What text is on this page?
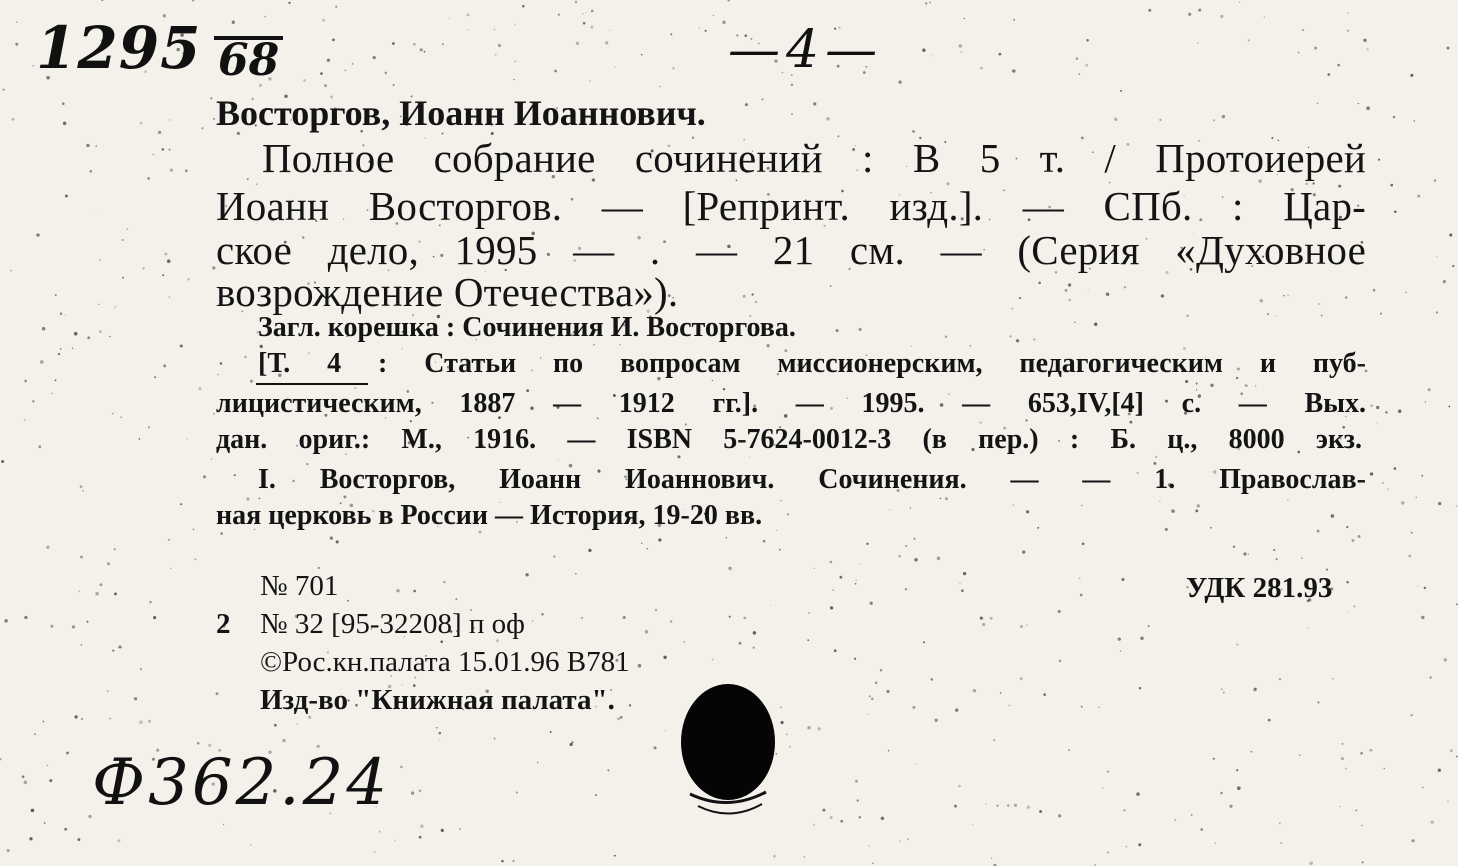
1295 68	—4—
Восторгов, Иоанн Иоаннович.
Полное собрание сочинений : В 5 т. / Протоиерей
Иоанн Восторгов. — [Репринт. изд.]. — СПб. : Цар-
ское дело, 1995 — . — 21 см. — (Серия «Духовное
возрождение Отечества»).
Загл. корешка : Сочинения И. Восторгова.
[Т. 4 : Статьи по вопросам миссионерским, педагогическим и пуб-
лицистическим, 1887 — 1912 гг.]. — 1995. — 653,IV,[4] с. — Вых.
дан. ориг.: М., 1916. — ISBN 5-7624-0012-3 (в пер.) : Б. ц., 8000 экз.
I. Восторгов, Иоанн Иоаннович. Сочинения. — — 1. Православ-
ная церковь в России — История, 19-20 вв.
№ 701	УДК 281.93
2 № 32 [95-32208] п оф
©Рос.кн.палата 15.01.96 В781
Изд-во "Книжная палата".
Ф362.24
